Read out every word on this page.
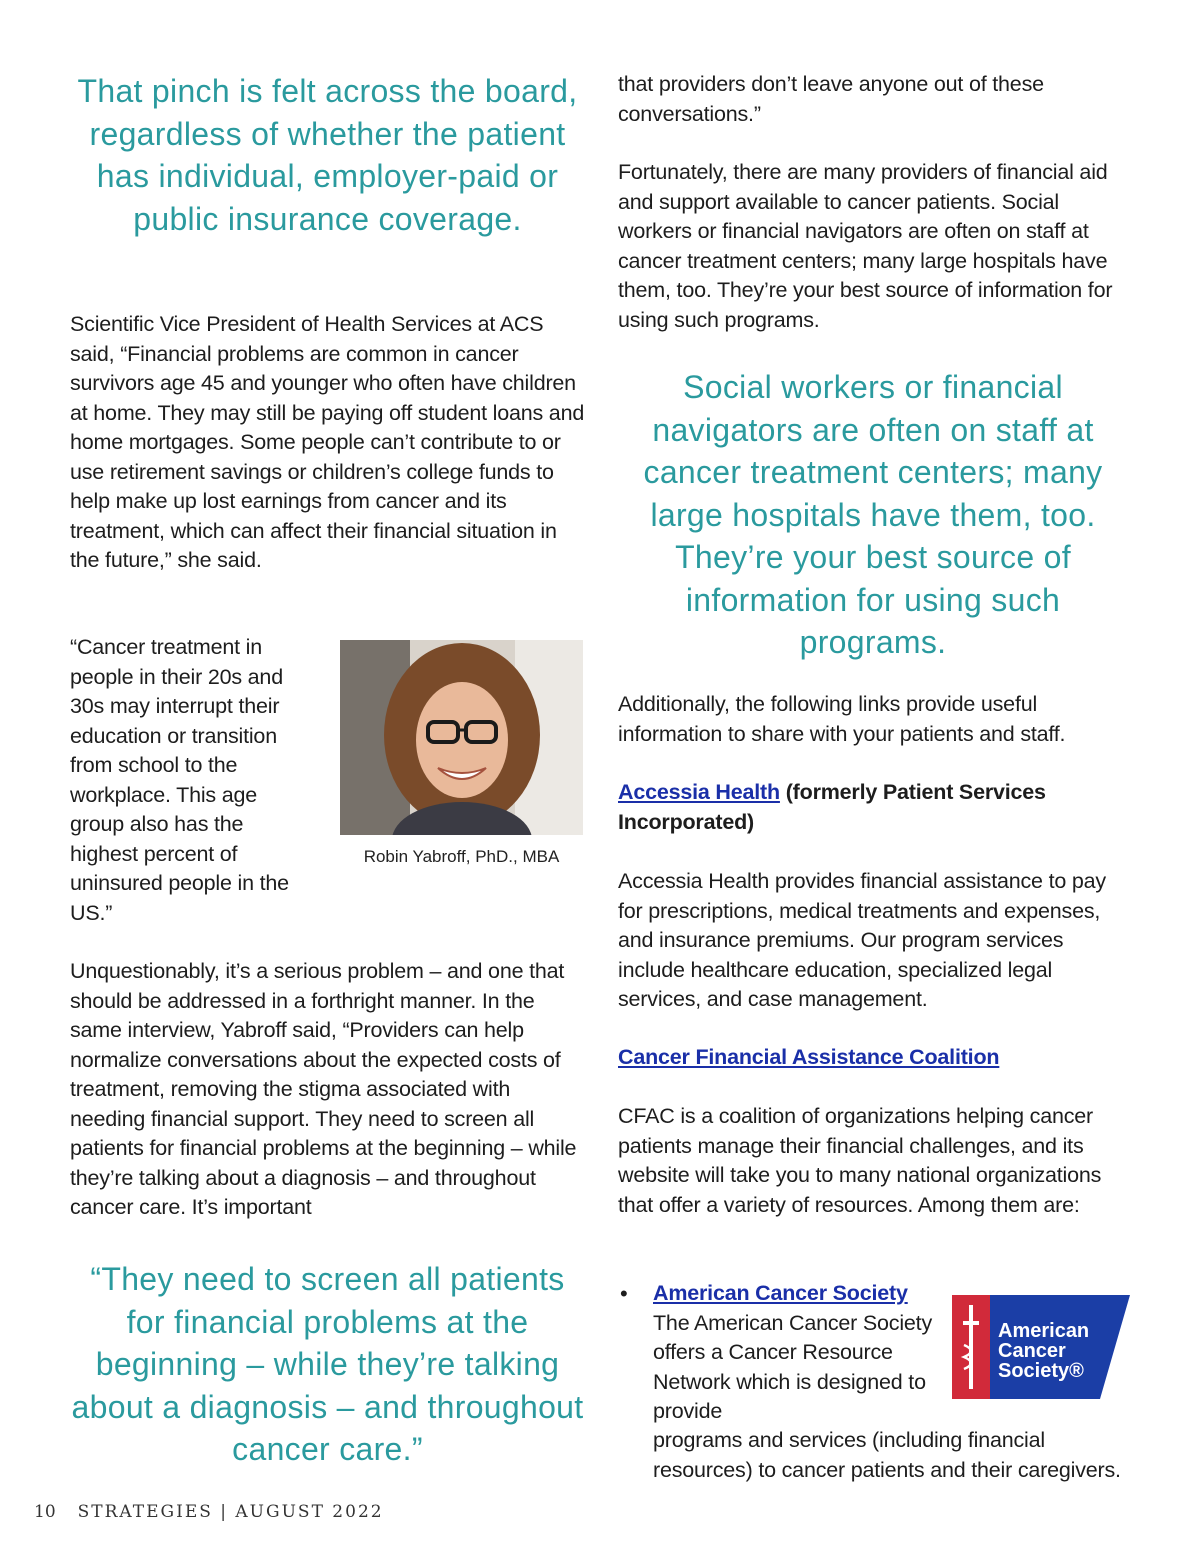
That pinch is felt across the board, regardless of whether the patient has individual, employer-paid or public insurance coverage.

Scientific Vice President of Health Services at ACS said, “Financial problems are common in cancer survivors age 45 and younger who often have children at home. They may still be paying off student loans and home mortgages. Some people can’t contribute to or use retirement savings or children’s college funds to help make up lost earnings from cancer and its treatment, which can affect their financial situation in the future,” she said.

“Cancer treatment in people in their 20s and 30s may interrupt their education or transition from school to the workplace. This age group also has the highest percent of uninsured people in the US.”

Unquestionably, it’s a serious problem – and one that should be addressed in a forthright manner. In the same interview, Yabroff said, “Providers can help normalize conversations about the expected costs of treatment, removing the stigma associated with needing financial support. They need to screen all patients for financial problems at the beginning – while they’re talking about a diagnosis – and throughout cancer care. It’s important

“They need to screen all patients for financial problems at the beginning – while they’re talking about a diagnosis – and throughout cancer care.”

Robin Yabroff, PhD., MBA

that providers don’t leave anyone out of these conversations.”

Fortunately, there are many providers of financial aid and support available to cancer patients. Social workers or financial navigators are often on staff at cancer treatment centers; many large hospitals have them, too. They’re your best source of information for using such programs.

Social workers or financial navigators are often on staff at cancer treatment centers; many large hospitals have them, too. They’re your best source of information for using such programs.

Additionally, the following links provide useful information to share with your patients and staff.

Accessia Health (formerly Patient Services Incorporated)

Accessia Health provides financial assistance to pay for prescriptions, medical treatments and expenses, and insurance premiums. Our program services include healthcare education, specialized legal services, and case management.

Cancer Financial Assistance Coalition

CFAC is a coalition of organizations helping cancer patients manage their financial challenges, and its website will take you to many national organizations that offer a variety of resources. Among them are:

American Cancer Society
The American Cancer Society offers a Cancer Resource Network which is designed to provide

programs and services (including financial resources) to cancer patients and their caregivers.

•
American
Cancer
Society®
10 STRATEGIES | AUGUST 2022
